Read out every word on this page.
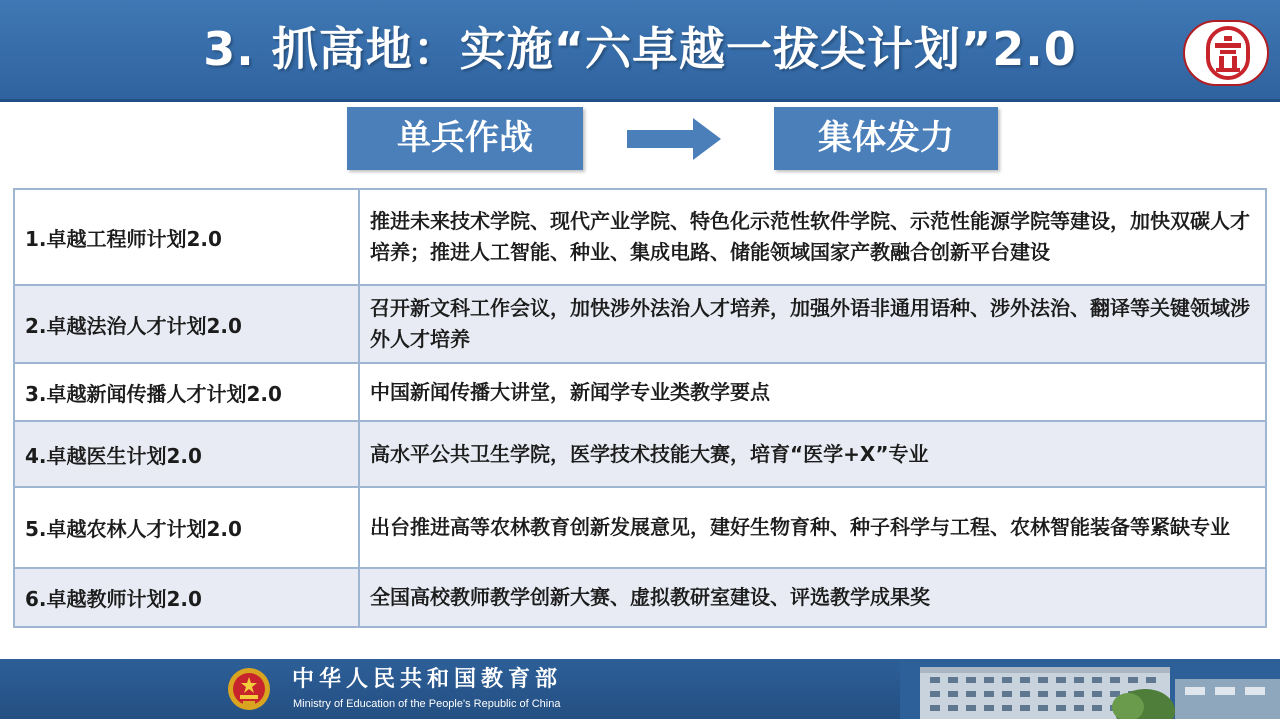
3. 抓高地：实施“六卓越一拔尖计划”2.0
单兵作战	集体发力
1.卓越工程师计划2.0	推进未来技术学院、现代产业学院、特色化示范性软件学院、示范性能源学院等建设，加快双碳人才培养；推进人工智能、种业、集成电路、储能领域国家产教融合创新平台建设
2.卓越法治人才计划2.0	召开新文科工作会议，加快涉外法治人才培养，加强外语非通用语种、涉外法治、翻译等关键领域涉外人才培养
3.卓越新闻传播人才计划2.0	中国新闻传播大讲堂，新闻学专业类教学要点
4.卓越医生计划2.0	高水平公共卫生学院，医学技术技能大赛，培育“医学+X”专业
5.卓越农林人才计划2.0	出台推进高等农林教育创新发展意见，建好生物育种、种子科学与工程、农林智能装备等紧缺专业
6.卓越教师计划2.0	全国高校教师教学创新大赛、虚拟教研室建设、评选教学成果奖
中华人民共和国教育部
Ministry of Education of the People's Republic of China
